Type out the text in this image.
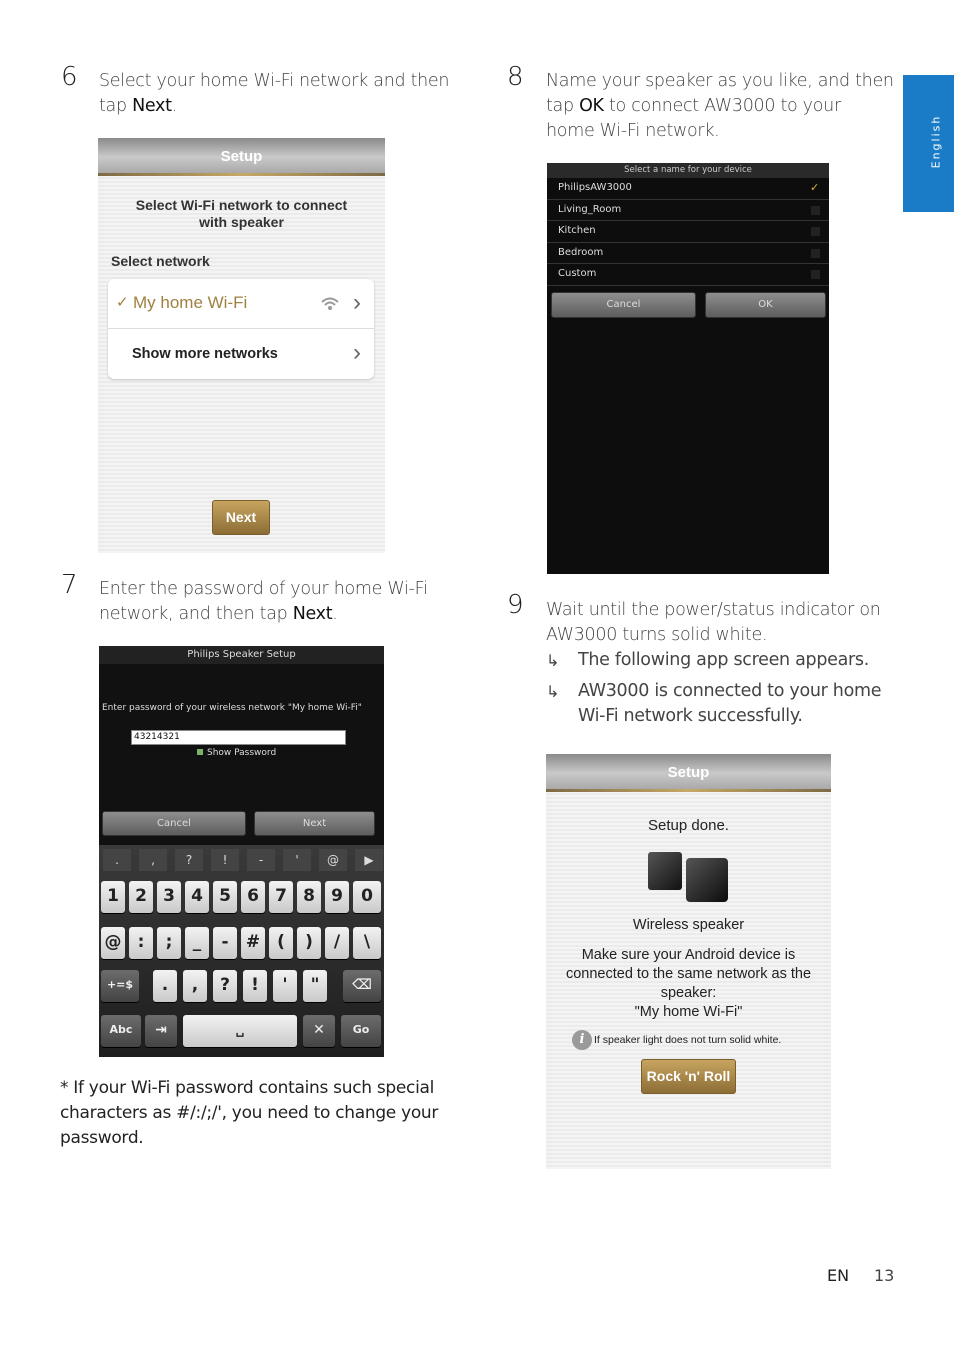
English
6 Select your home Wi-Fi network and then
tap Next.
Setup
Select Wi-Fi network to connect
with speaker
Select network
✓ My home Wi-Fi	›
Show more networks	›
Next
7 Enter the password of your home Wi-Fi
network, and then tap Next.
Philips Speaker Setup
Enter password of your wireless network "My home Wi-Fi"
43214321
Show Password
Cancel	Next
.	,	?	!	-	'	@	▶
1 2 3 4 5 6 7 8 9	0
@ :	;	_	-	# (	)	/	\
+=$	.	,	?	!	'	"	⌫
Abc	⇥	␣	✕	Go
* If your Wi-Fi password contains such special
characters as #/:/;/', you need to change your
password.
8 Name your speaker as you like, and then
tap OK to connect AW3000 to your
home Wi-Fi network.
Select a name for your device
PhilipsAW3000	✓
Living_Room
Kitchen
Bedroom
Custom
Cancel	OK
9 Wait until the power/status indicator on
AW3000 turns solid white.
↳ The following app screen appears.
↳ AW3000 is connected to your home
Wi-Fi network successfully.
Setup
Setup done.
Wireless speaker
Make sure your Android device is
connected to the same network as the
speaker:
"My home Wi-Fi"
i If speaker light does not turn solid white.
Rock 'n' Roll
EN 13
